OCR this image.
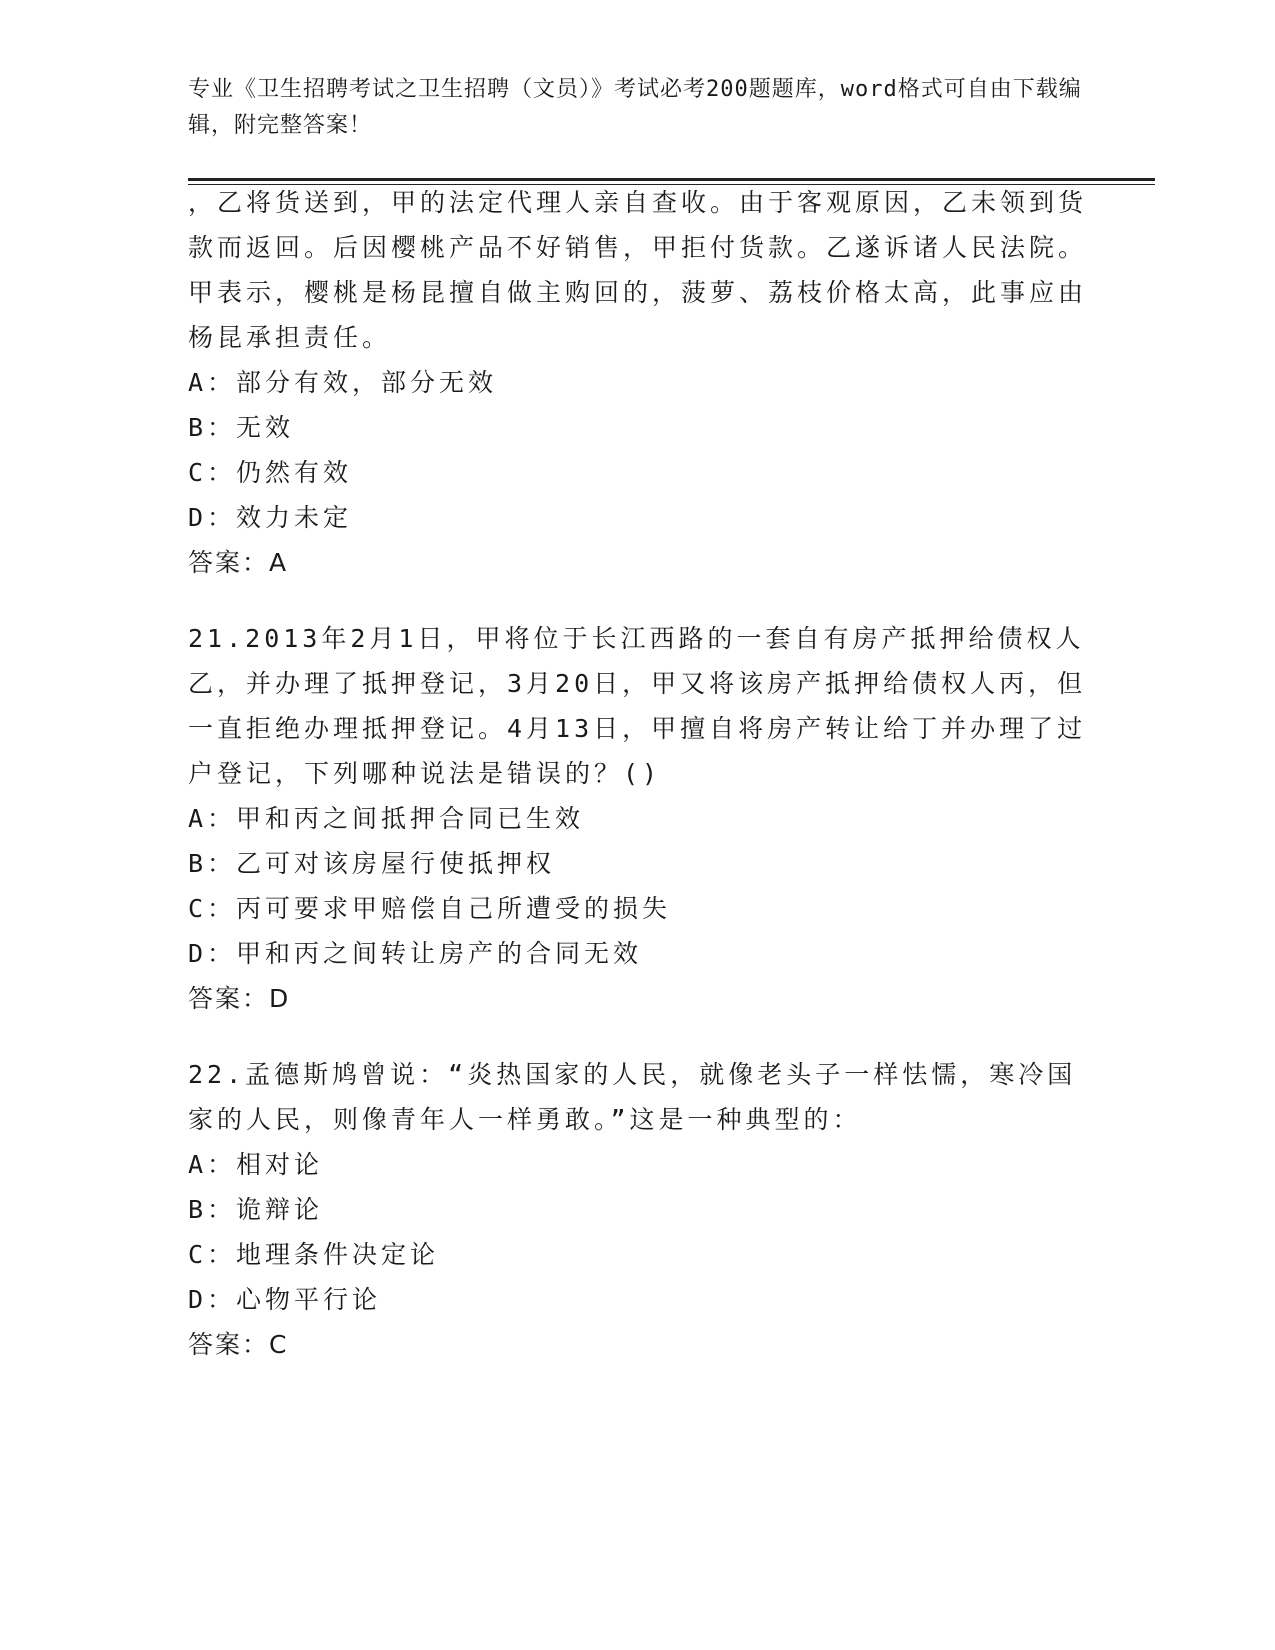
专业《卫生招聘考试之卫生招聘（文员）》考试必考200题题库，word格式可自由下载编辑，附完整答案！

，乙将货送到，甲的法定代理人亲自查收。由于客观原因，乙未领到货款而返回。后因樱桃产品不好销售，甲拒付货款。乙遂诉诸人民法院。甲表示，樱桃是杨昆擅自做主购回的，菠萝、荔枝价格太高，此事应由杨昆承担责任。

A：部分有效，部分无效

B：无效

C：仍然有效

D：效力未定

答案：A

21.2013年2月1日，甲将位于长江西路的一套自有房产抵押给债权人乙，并办理了抵押登记，3月20日，甲又将该房产抵押给债权人丙，但一直拒绝办理抵押登记。4月13日，甲擅自将房产转让给丁并办理了过户登记，下列哪种说法是错误的？()

A：甲和丙之间抵押合同已生效

B：乙可对该房屋行使抵押权

C：丙可要求甲赔偿自己所遭受的损失

D：甲和丙之间转让房产的合同无效

答案：D

22.孟德斯鸠曾说：“炎热国家的人民，就像老头子一样怯懦，寒冷国家的人民，则像青年人一样勇敢。”这是一种典型的：

A：相对论

B：诡辩论

C：地理条件决定论

D：心物平行论

答案：C
